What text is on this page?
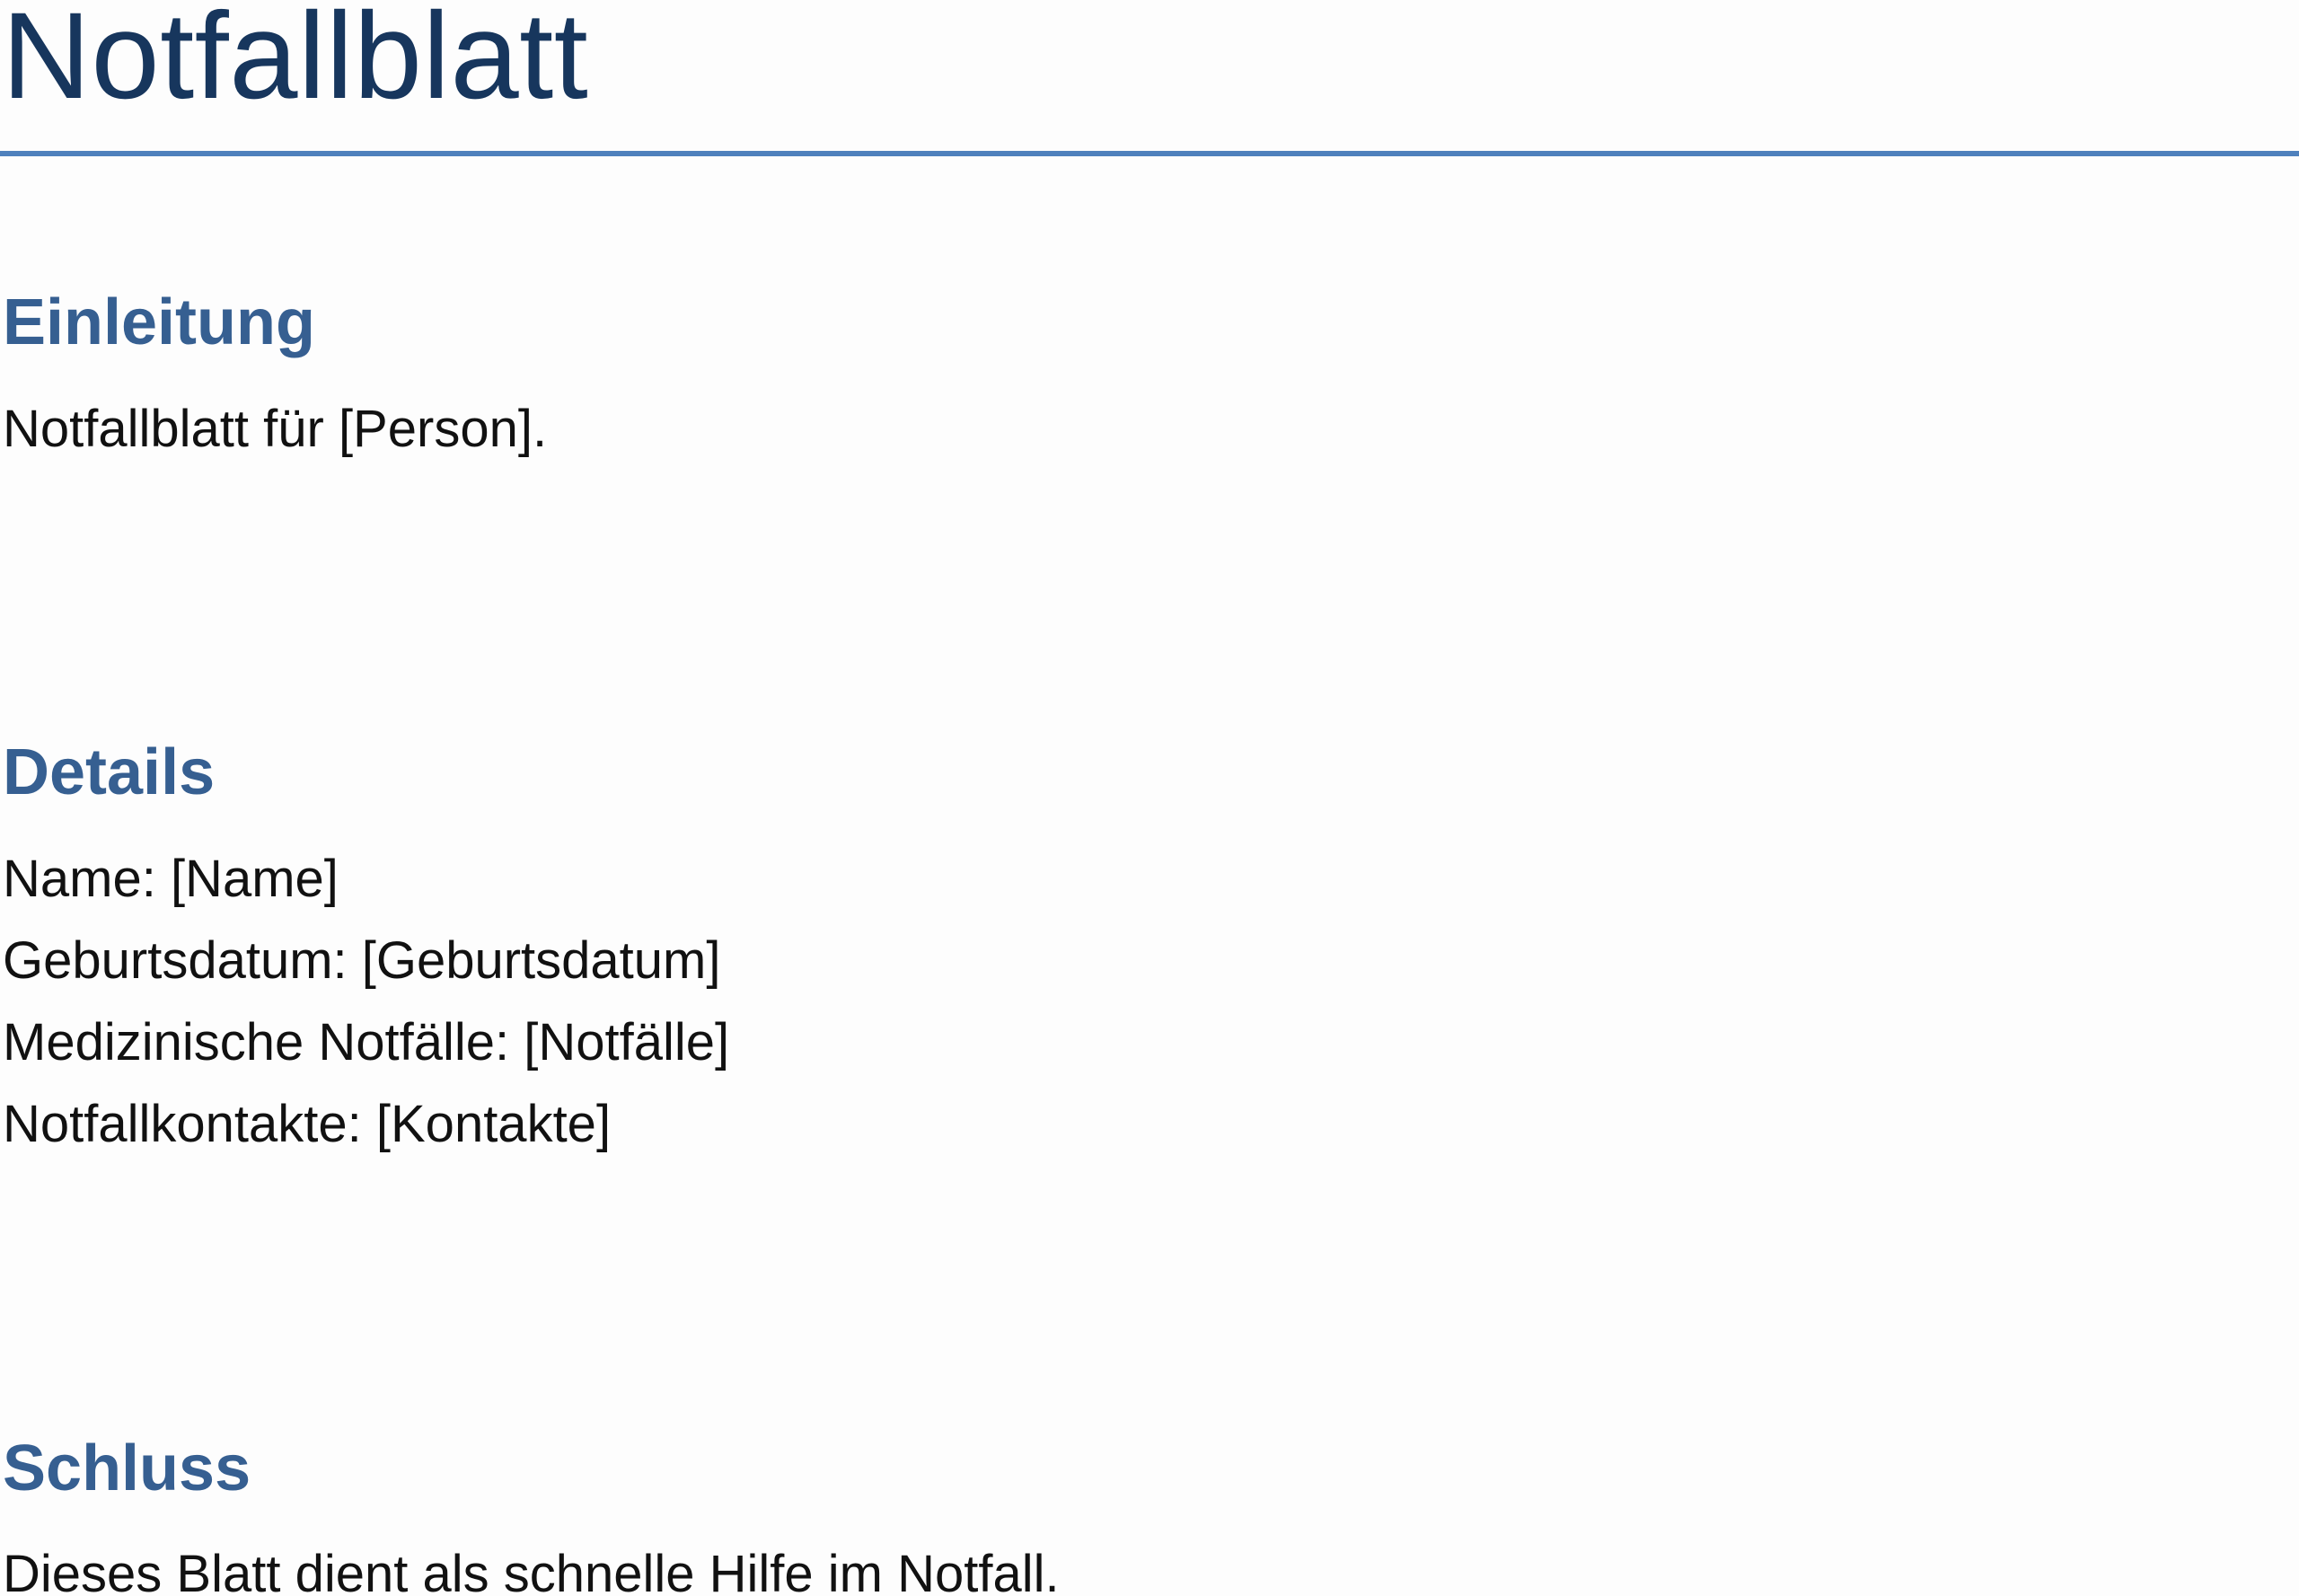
Notfallblatt
Einleitung

Notfallblatt für [Person].

Details
Name: [Name]
Geburtsdatum: [Geburtsdatum]
Medizinische Notfälle: [Notfälle]
Notfallkontakte: [Kontakte]
Schluss

Dieses Blatt dient als schnelle Hilfe im Notfall.
